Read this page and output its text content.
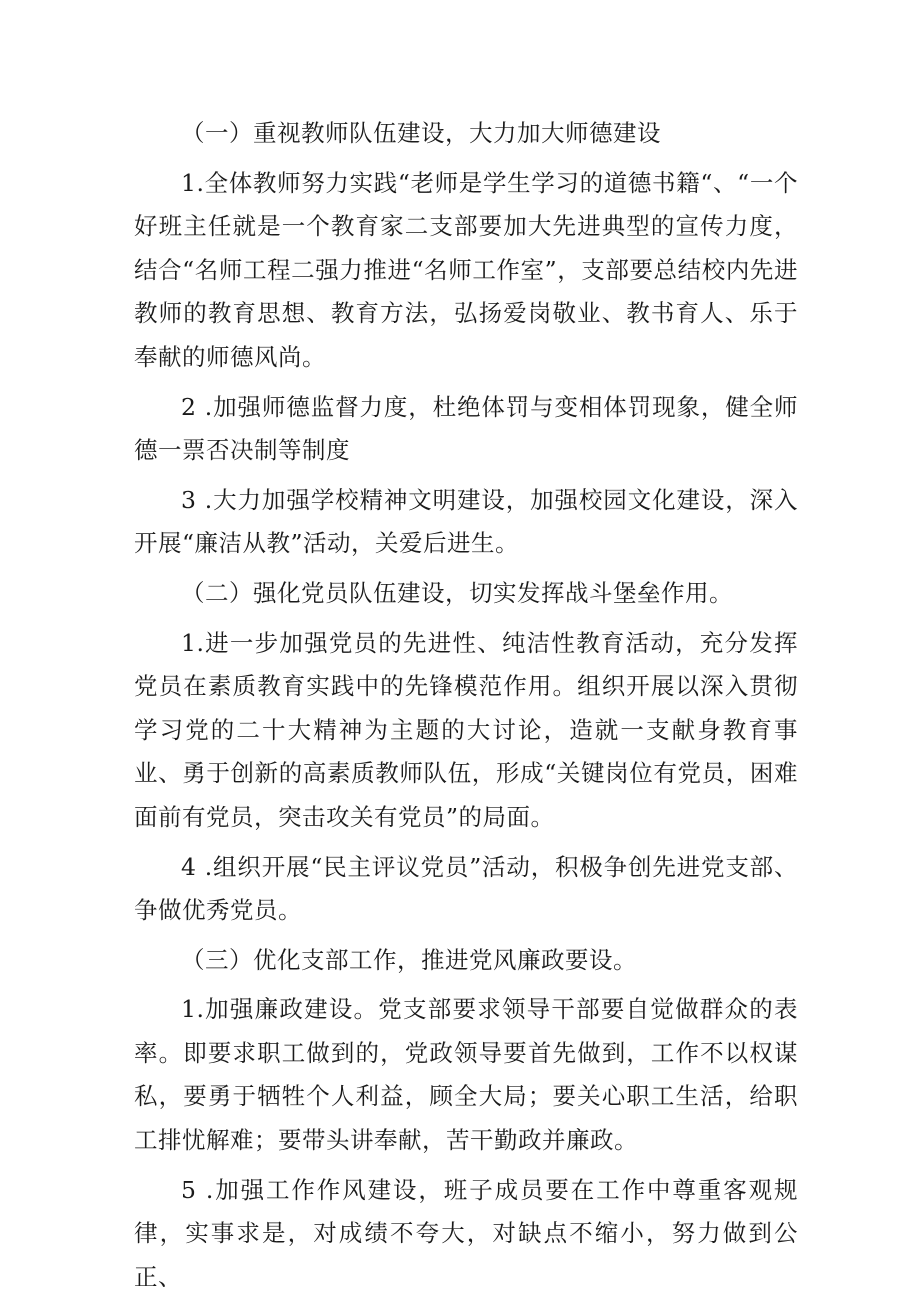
（一）重视教师队伍建设，大力加大师德建设

1.全体教师努力实践“老师是学生学习的道德书籍“、“一个好班主任就是一个教育家二支部要加大先进典型的宣传力度，结合“名师工程二强力推进“名师工作室”，支部要总结校内先进教师的教育思想、教育方法，弘扬爱岗敬业、教书育人、乐于奉献的师德风尚。

2 .加强师德监督力度，杜绝体罚与变相体罚现象，健全师德一票否决制等制度

3 .大力加强学校精神文明建设，加强校园文化建设，深入开展“廉洁从教”活动，关爱后进生。

（二）强化党员队伍建设，切实发挥战斗堡垒作用。

1.进一步加强党员的先进性、纯洁性教育活动，充分发挥党员在素质教育实践中的先锋模范作用。组织开展以深入贯彻学习党的二十大精神为主题的大讨论，造就一支献身教育事业、勇于创新的高素质教师队伍，形成“关键岗位有党员，困难面前有党员，突击攻关有党员”的局面。

4 .组织开展“民主评议党员”活动，积极争创先进党支部、争做优秀党员。

（三）优化支部工作，推进党风廉政要设。

1.加强廉政建设。党支部要求领导干部要自觉做群众的表率。即要求职工做到的，党政领导要首先做到，工作不以权谋私，要勇于牺牲个人利益，顾全大局；要关心职工生活，给职工排忧解难；要带头讲奉献，苦干勤政并廉政。

5 .加强工作作风建设，班子成员要在工作中尊重客观规律，实事求是，对成绩不夸大，对缺点不缩小，努力做到公正、
